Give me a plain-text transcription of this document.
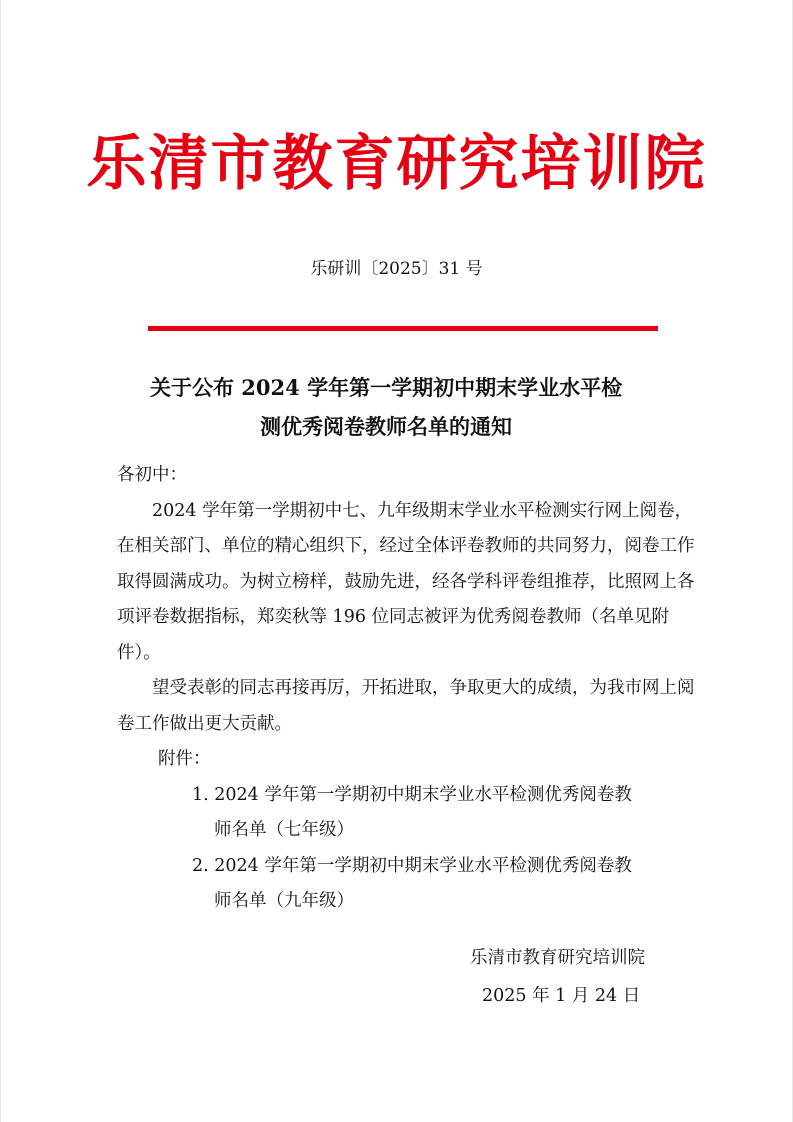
乐清市教育研究培训院
乐研训〔2025〕31 号
关于公布 2024 学年第一学期初中期末学业水平检
测优秀阅卷教师名单的通知

各初中：

2024 学年第一学期初中七、九年级期末学业水平检测实行网上阅卷，在相关部门、单位的精心组织下，经过全体评卷教师的共同努力，阅卷工作取得圆满成功。为树立榜样，鼓励先进，经各学科评卷组推荐，比照网上各项评卷数据指标，郑奕秋等 196 位同志被评为优秀阅卷教师（名单见附件）。

望受表彰的同志再接再厉，开拓进取，争取更大的成绩，为我市网上阅卷工作做出更大贡献。

附件：

1. 2024 学年第一学期初中期末学业水平检测优秀阅卷教
师名单（七年级）

2. 2024 学年第一学期初中期末学业水平检测优秀阅卷教
师名单（九年级）

乐清市教育研究培训院
2025 年 1 月 24 日
